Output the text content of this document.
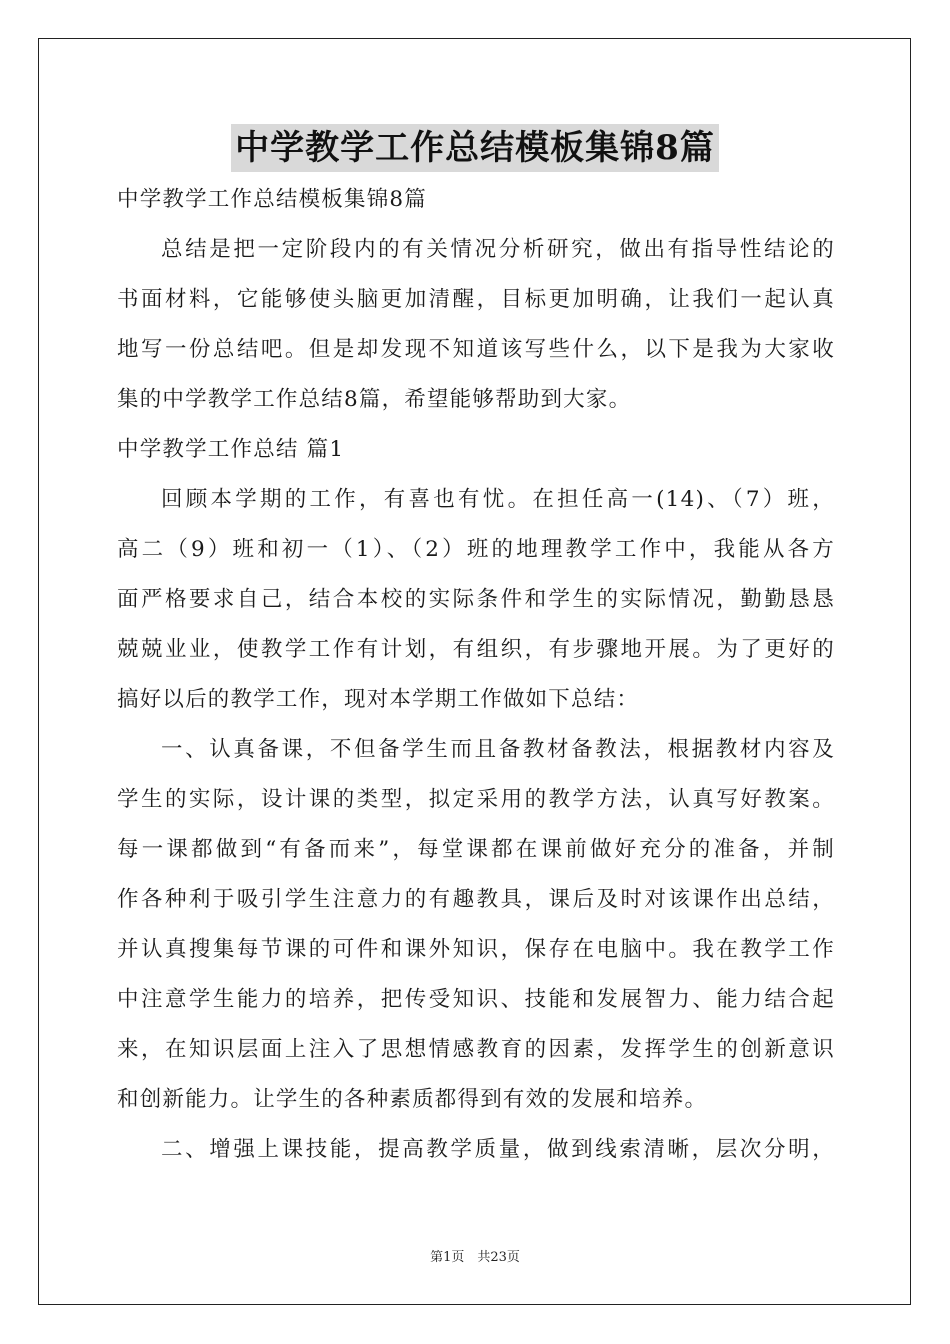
中学教学工作总结模板集锦8篇
中学教学工作总结模板集锦8篇
总结是把一定阶段内的有关情况分析研究，做出有指导性结论的
书面材料，它能够使头脑更加清醒，目标更加明确，让我们一起认真
地写一份总结吧。但是却发现不知道该写些什么，以下是我为大家收
集的中学教学工作总结8篇，希望能够帮助到大家。
中学教学工作总结 篇1
回顾本学期的工作，有喜也有忧。在担任高一(14)、（7）班，
高二（9）班和初一（1）、（2）班的地理教学工作中，我能从各方
面严格要求自己，结合本校的实际条件和学生的实际情况，勤勤恳恳
兢兢业业，使教学工作有计划，有组织，有步骤地开展。为了更好的
搞好以后的教学工作，现对本学期工作做如下总结：
一、认真备课，不但备学生而且备教材备教法，根据教材内容及
学生的实际，设计课的类型，拟定采用的教学方法，认真写好教案。
每一课都做到“有备而来”，每堂课都在课前做好充分的准备，并制
作各种利于吸引学生注意力的有趣教具，课后及时对该课作出总结，
并认真搜集每节课的可件和课外知识，保存在电脑中。我在教学工作
中注意学生能力的培养，把传受知识、技能和发展智力、能力结合起
来，在知识层面上注入了思想情感教育的因素，发挥学生的创新意识
和创新能力。让学生的各种素质都得到有效的发展和培养。
二、增强上课技能，提高教学质量，做到线索清晰，层次分明，
第1页　共23页
